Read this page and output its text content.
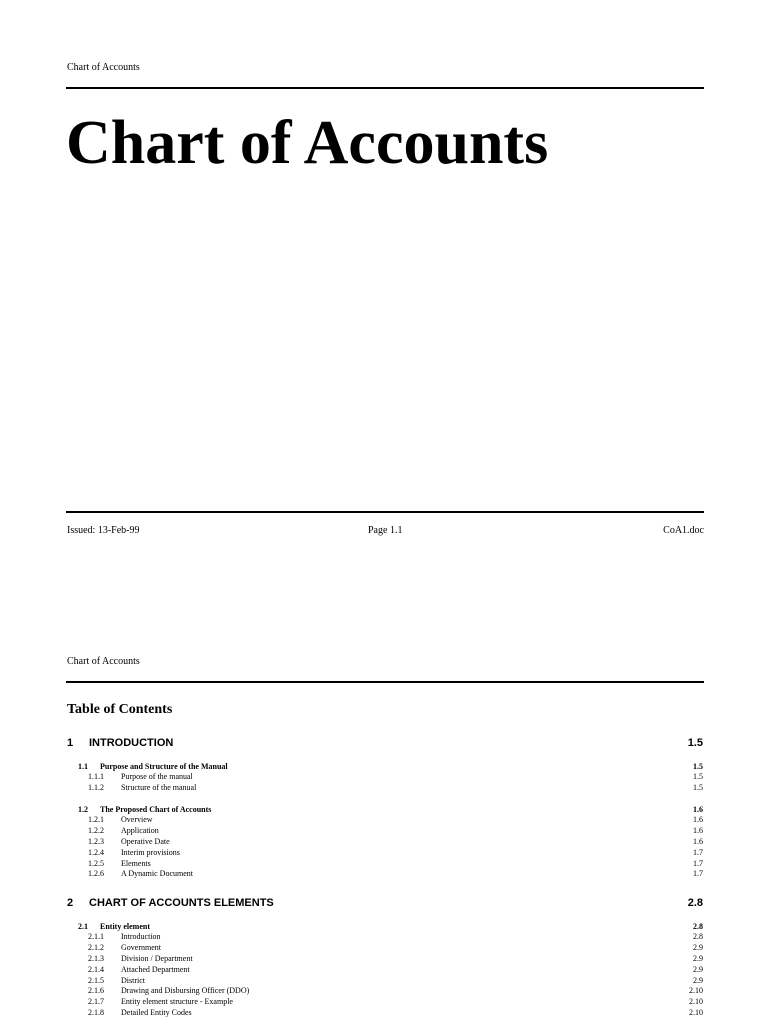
Chart of Accounts
Chart of Accounts
Issued: 13-Feb-99	Page 1.1	CoA1.doc
Chart of Accounts
Table of Contents
1 INTRODUCTION	1.5
1.1 Purpose and Structure of the Manual	1.5
1.1.1 Purpose of the manual	1.5
1.1.2 Structure of the manual	1.5
1.2 The Proposed Chart of Accounts	1.6
1.2.1 Overview	1.6
1.2.2 Application	1.6
1.2.3 Operative Date	1.6
1.2.4 Interim provisions	1.7
1.2.5 Elements	1.7
1.2.6 A Dynamic Document	1.7
2 CHART OF ACCOUNTS ELEMENTS	2.8
2.1 Entity element	2.8
2.1.1 Introduction	2.8
2.1.2 Government	2.9
2.1.3 Division / Department	2.9
2.1.4 Attached Department	2.9
2.1.5 District	2.9
2.1.6 Drawing and Disbursing Officer (DDO)	2.10
2.1.7 Entity element structure - Example	2.10
2.1.8 Detailed Entity Codes	2.10
